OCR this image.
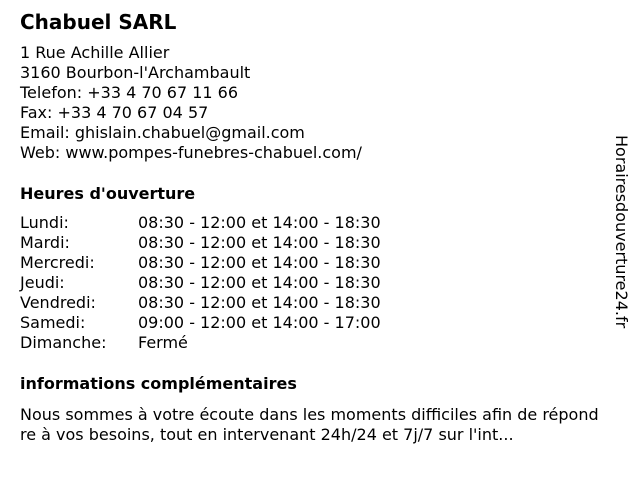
Chabuel SARL
1 Rue Achille Allier
3160 Bourbon-l'Archambault
Telefon: +33 4 70 67 11 66
Fax: +33 4 70 67 04 57
Email: ghislain.chabuel@gmail.com
Web: www.pompes-funebres-chabuel.com/
Heures d'ouverture
Lundi:	08:30 - 12:00 et 14:00 - 18:30
Mardi:	08:30 - 12:00 et 14:00 - 18:30
Mercredi:	08:30 - 12:00 et 14:00 - 18:30
Jeudi:	08:30 - 12:00 et 14:00 - 18:30
Vendredi:	08:30 - 12:00 et 14:00 - 18:30
Samedi:	09:00 - 12:00 et 14:00 - 17:00
Dimanche:	Fermé
informations complémentaires

Nous sommes à votre écoute dans les moments difficiles afin de répondre à vos besoins, tout en intervenant 24h/24 et 7j/7 sur l'int...

Horairesdouverture24.fr
